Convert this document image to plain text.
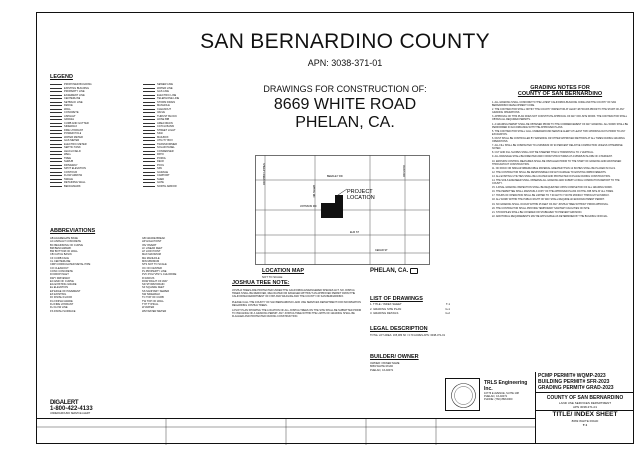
SAN BERNARDINO COUNTY
APN: 3038-371-01
DRAWINGS FOR CONSTRUCTION OF:
8669 WHITE ROAD
PHELAN, CA.
LEGEND
PROPOSED BUILDING
EXISTING BUILDING
PROPERTY LINE
EASEMENT LINE
CENTERLINE
SETBACK LINE
FENCE
WALL
CONCRETE
ASPHALT
GRAVEL
CURB AND GUTTER
SIDEWALK
FIRE HYDRANT
POWER POLE
WATER METER
GAS METER
ELECTRIC METER
SEPTIC TANK
LEACH FIELD
WELL
TREE
SHRUB
DRIVEWAY
SPOT ELEVATION
CONTOUR
FLOW ARROW
SWALE
RETAINING WALL
BENCHMARK
SEWER LINE
WATER LINE
GAS LINE
ELECTRIC LINE
TELEPHONE LINE
STORM DRAIN
MANHOLE
CLEANOUT
VALVE
THRUST BLOCK
HOSE BIB
AREA DRAIN
CATCH BASIN
STREET LIGHT
SIGN
MAILBOX
UTILITY BOX
TRANSFORMER
SOLAR PANEL
CONDENSER
PATIO
PORCH
DECK
POOL
SPA
GARAGE
CARPORT
SHED
GATE
NORTH ARROW
ABBREVIATIONS
AB AGGREGATE BASE
AC ASPHALT CONCRETE
BC BEGINNING OF CURVE
BM BENCHMARK
BW BOTTOM OF WALL
CB CATCH BASIN
CF CURB FACE
CL CENTERLINE
CMP CORRUGATED METAL PIPE
CO CLEANOUT
CONC CONCRETE
DI DROP INLET
DWY DRIVEWAY
EC END OF CURVE
EG EXISTING GRADE
EL ELEVATION
EP EDGE OF PAVEMENT
EX EXISTING
FF FINISH FLOOR
FG FINISH GRADE
FH FIRE HYDRANT
FL FLOW LINE
FS FINISH SURFACE
GB GRADE BREAK
HP HIGH POINT
INV INVERT
LF LINEAR FEET
LP LOW POINT
MAX MAXIMUM
MH MANHOLE
MIN MINIMUM
NTS NOT TO SCALE
OC ON CENTER
PL PROPERTY LINE
PVC POLYVINYL CHLORIDE
R RADIUS
ROW RIGHT OF WAY
SD STORM DRAIN
SF SQUARE FEET
SS SANITARY SEWER
SW SIDEWALK
TC TOP OF CURB
TW TOP OF WALL
TYP TYPICAL
W WATER
WM WATER METER
PROJECT LOCATION
BEEKLEY RD
JOHNSON RD
ELM ST
WHITE RD
SHEEP CREEK RD	OASIS RD
CEDAR ST
LOCATION MAP
NOT TO SCALE
PHELAN, CA.
JOSHUA TREE NOTE:

JOSHUA TREES ARE PROTECTED UNDER THE CALIFORNIA ENDANGERED SPECIES ACT. NO JOSHUA TREES SHALL BE REMOVED, RELOCATED OR DAMAGED WITHOUT AN APPROVED PERMIT FROM THE CALIFORNIA DEPARTMENT OF FISH AND WILDLIFE AND THE COUNTY OF SAN BERNARDINO.

PLEASE CALL THE COUNTY OF SAN BERNARDINO LAND USE SERVICES DEPARTMENT FOR INFORMATION REGARDING JOSHUA TREES.

A PLOT PLAN SHOWING THE LOCATION OF ALL JOSHUA TREES ON THE SITE SHALL BE SUBMITTED PRIOR TO ISSUANCE OF A GRADING PERMIT. ANY JOSHUA TREE WITHIN THE LIMITS OF GRADING SHALL BE FLAGGED AND PROTECTED DURING CONSTRUCTION.

LIST OF DRAWINGS
1. TITLE / INDEX SHEET	T-1
2. GRADING SITE PLAN	G-1
3. GRADING DETAILS	G-2
LEGAL DESCRIPTION
TOTAL LOT AREA: 165,083 SF / 3.79 ACRES APN: 3038-371-01
BUILDER/ OWNER
OWNER: OWNER NAME
8669 WHITE ROAD
PHELAN, CA 92371
GRADING NOTES FOR
COUNTY OF SAN BERNARDINO

1. ALL GRADING SHALL CONFORM TO THE LATEST CALIFORNIA BUILDING CODE AND THE COUNTY OF SAN BERNARDINO DEVELOPMENT CODE.

2. THE CONTRACTOR SHALL NOTIFY THE COUNTY INSPECTOR AT LEAST 48 HOURS PRIOR TO THE START OF ANY GRADING OPERATIONS.

3. APPROVAL OF THIS PLAN DOES NOT CONSTITUTE APPROVAL OF ANY OFF-SITE WORK. THE CONTRACTOR SHALL OBTAIN ALL REQUIRED PERMITS.

4. A GRADING PERMIT SHALL BE OBTAINED PRIOR TO THE COMMENCEMENT OF ANY GRADING. ALL WORK SHALL BE PERFORMED IN ACCORDANCE WITH THE APPROVED PLANS.

5. THE CONTRACTOR SHALL CALL UNDERGROUND SERVICE ALERT AT LEAST TWO WORKING DAYS PRIOR TO ANY EXCAVATION.

6. DUST SHALL BE CONTROLLED BY WATERING OR OTHER APPROVED METHODS AT ALL TIMES DURING GRADING OPERATIONS.

7. ALL FILL SHALL BE COMPACTED TO A MINIMUM OF 90 PERCENT RELATIVE COMPACTION UNLESS OTHERWISE NOTED.

8. CUT AND FILL SLOPES SHALL NOT BE STEEPER THAN 2 HORIZONTAL TO 1 VERTICAL.

9. ALL DRAINAGE SHALL BE DIRECTED AWAY FROM STRUCTURES AT A MINIMUM SLOPE OF 2 PERCENT.

10. EROSION CONTROL MEASURES SHALL BE INSTALLED PRIOR TO THE START OF GRADING AND MAINTAINED THROUGHOUT CONSTRUCTION.

11. NO ROCK OR SIMILAR IRREDUCIBLE MATERIAL GREATER THAN 12 INCHES SHALL BE PLACED IN FILLS.

12. THE CONTRACTOR SHALL BE RESPONSIBLE FOR ANY DAMAGE TO EXISTING IMPROVEMENTS.

13. ALL EXISTING UTILITIES SHALL BE LOCATED AND PROTECTED IN PLACE DURING CONSTRUCTION.

14. THE SOILS ENGINEER SHALL OBSERVE ALL GRADING AND SUBMIT A FINAL COMPACTION REPORT TO THE COUNTY.

15. A FINAL GRADING INSPECTION SHALL BE REQUESTED UPON COMPLETION OF ALL GRADING WORK.

16. THE PERMITTEE SHALL MAINTAIN A COPY OF THE APPROVED PLANS ON THE JOB SITE AT ALL TIMES.

17. HOURS OF OPERATION SHALL BE LIMITED TO 7:00 AM TO 7:00 PM MONDAY THROUGH SATURDAY.

18. ALL WORK WITHIN THE PUBLIC RIGHT OF WAY SHALL REQUIRE AN ENCROACHMENT PERMIT.

19. NO GRADING SHALL OCCUR WITHIN 25 FEET OF ANY JOSHUA TREE WITHOUT PRIOR APPROVAL.

20. THE CONTRACTOR SHALL PROVIDE TEMPORARY SANITARY FACILITIES ON SITE.

21. STOCKPILES SHALL BE COVERED OR STABILIZED TO PREVENT EROSION.

22. ADDITIONAL REQUIREMENTS MAY BE APPLICABLE AS DETERMINED BY THE BUILDING OFFICIAL.

TRLS Engineering Inc.
10776 E AVENUE, SUITE 108
PHELAN, CA 92371
PHONE: (760) 868-0000
PCMP PERMIT# WQMP-2023
BUILDING PERMIT# SFR-2023
GRADING PERMIT# GRAD-2023
COUNTY OF SAN BERNARDINO
LAND USE SERVICES DEPARTMENT
APN 3038-371-01
TITLE/ INDEX SHEET
8669 WHITE ROAD
T-1
DIGALERT
1-800-422-4133
UNDERGROUND SERVICE ALERT
